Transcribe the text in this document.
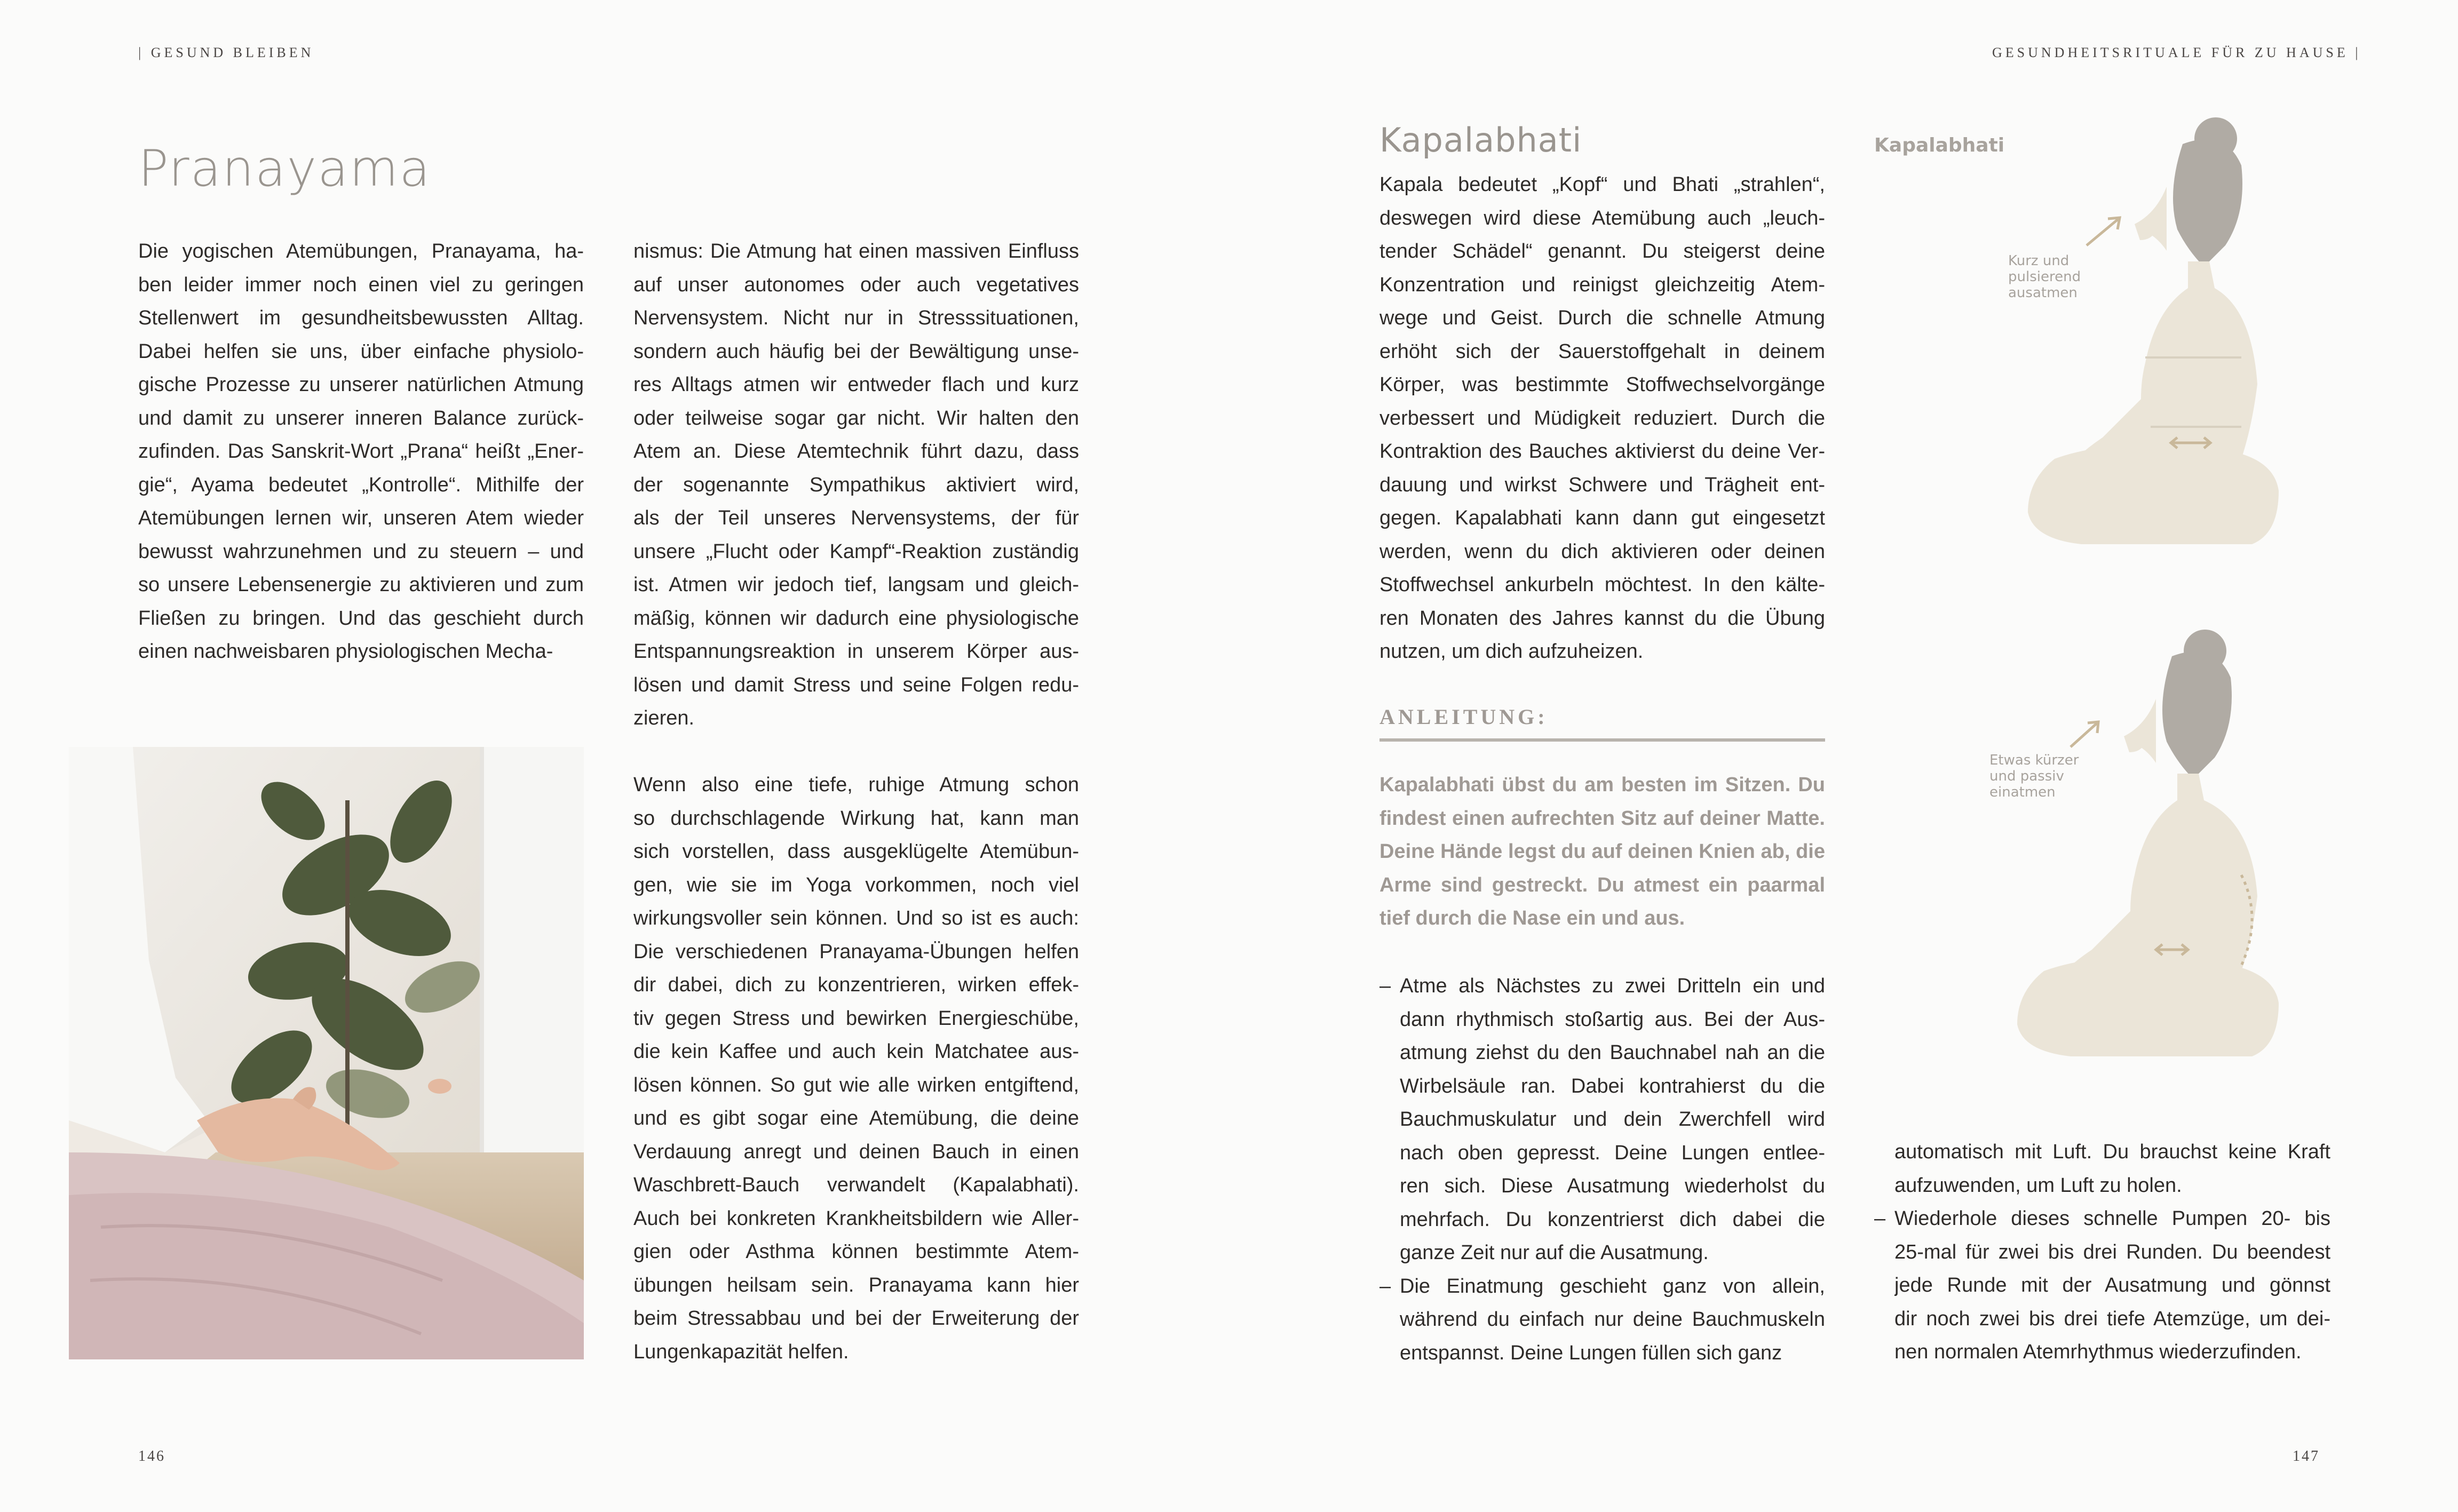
| GESUND BLEIBEN
Pranayama
Die yogischen Atemübungen, Pranayama, ha-
ben leider immer noch einen viel zu geringen
Stellenwert im gesundheitsbewussten Alltag.
Dabei helfen sie uns, über einfache physiolo-
gische Prozesse zu unserer natürlichen Atmung
und damit zu unserer inneren Balance zurück-
zufinden. Das Sanskrit-Wort „Prana“ heißt „Ener-
gie“, Ayama bedeutet „Kontrolle“. Mithilfe der
Atemübungen lernen wir, unseren Atem wieder
bewusst wahrzunehmen und zu steuern – und
so unsere Lebensenergie zu aktivieren und zum
Fließen zu bringen. Und das geschieht durch
einen nachweisbaren physiologischen Mecha-
nismus: Die Atmung hat einen massiven Einfluss
auf unser autonomes oder auch vegetatives
Nervensystem. Nicht nur in Stresssituationen,
sondern auch häufig bei der Bewältigung unse-
res Alltags atmen wir entweder flach und kurz
oder teilweise sogar gar nicht. Wir halten den
Atem an. Diese Atemtechnik führt dazu, dass
der sogenannte Sympathikus aktiviert wird,
als der Teil unseres Nervensystems, der für
unsere „Flucht oder Kampf“-Reaktion zuständig
ist. Atmen wir jedoch tief, langsam und gleich-
mäßig, können wir dadurch eine physiologische
Entspannungsreaktion in unserem Körper aus-
lösen und damit Stress und seine Folgen redu-
zieren.
Wenn also eine tiefe, ruhige Atmung schon
so durchschlagende Wirkung hat, kann man
sich vorstellen, dass ausgeklügelte Atemübun-
gen, wie sie im Yoga vorkommen, noch viel
wirkungsvoller sein können. Und so ist es auch:
Die verschiedenen Pranayama-Übungen helfen
dir dabei, dich zu konzentrieren, wirken effek-
tiv gegen Stress und bewirken Energieschübe,
die kein Kaffee und auch kein Matchatee aus-
lösen können. So gut wie alle wirken entgiftend,
und es gibt sogar eine Atemübung, die deine
Verdauung anregt und deinen Bauch in einen
Waschbrett-Bauch verwandelt (Kapalabhati).
Auch bei konkreten Krankheitsbildern wie Aller-
gien oder Asthma können bestimmte Atem-
übungen heilsam sein. Pranayama kann hier
beim Stressabbau und bei der Erweiterung der
Lungenkapazität helfen.
146
GESUNDHEITSRITUALE FÜR ZU HAUSE |
Kapalabhati
Kapala bedeutet „Kopf“ und Bhati „strahlen“,
deswegen wird diese Atemübung auch „leuch-
tender Schädel“ genannt. Du steigerst deine
Konzentration und reinigst gleichzeitig Atem-
wege und Geist. Durch die schnelle Atmung
erhöht sich der Sauerstoffgehalt in deinem
Körper, was bestimmte Stoffwechselvorgänge
verbessert und Müdigkeit reduziert. Durch die
Kontraktion des Bauches aktivierst du deine Ver-
dauung und wirkst Schwere und Trägheit ent-
gegen. Kapalabhati kann dann gut eingesetzt
werden, wenn du dich aktivieren oder deinen
Stoffwechsel ankurbeln möchtest. In den kälte-
ren Monaten des Jahres kannst du die Übung
nutzen, um dich aufzuheizen.
ANLEITUNG:
Kapalabhati übst du am besten im Sitzen. Du
findest einen aufrechten Sitz auf deiner Matte.
Deine Hände legst du auf deinen Knien ab, die
Arme sind gestreckt. Du atmest ein paarmal
tief durch die Nase ein und aus.
– Atme als Nächstes zu zwei Dritteln ein und
dann rhythmisch stoßartig aus. Bei der Aus-
atmung ziehst du den Bauchnabel nah an die
Wirbelsäule ran. Dabei kontrahierst du die
Bauchmuskulatur und dein Zwerchfell wird
nach oben gepresst. Deine Lungen entlee-
ren sich. Diese Ausatmung wiederholst du
mehrfach. Du konzentrierst dich dabei die
ganze Zeit nur auf die Ausatmung.
– Die Einatmung geschieht ganz von allein,
während du einfach nur deine Bauchmuskeln
entspannst. Deine Lungen füllen sich ganz
automatisch mit Luft. Du brauchst keine Kraft
aufzuwenden, um Luft zu holen.
– Wiederhole dieses schnelle Pumpen 20- bis
25-mal für zwei bis drei Runden. Du beendest
jede Runde mit der Ausatmung und gönnst
dir noch zwei bis drei tiefe Atemzüge, um dei-
nen normalen Atemrhythmus wiederzufinden.
Kapalabhati
Kurz und
pulsierend
ausatmen
Etwas kürzer
und passiv
einatmen
147
